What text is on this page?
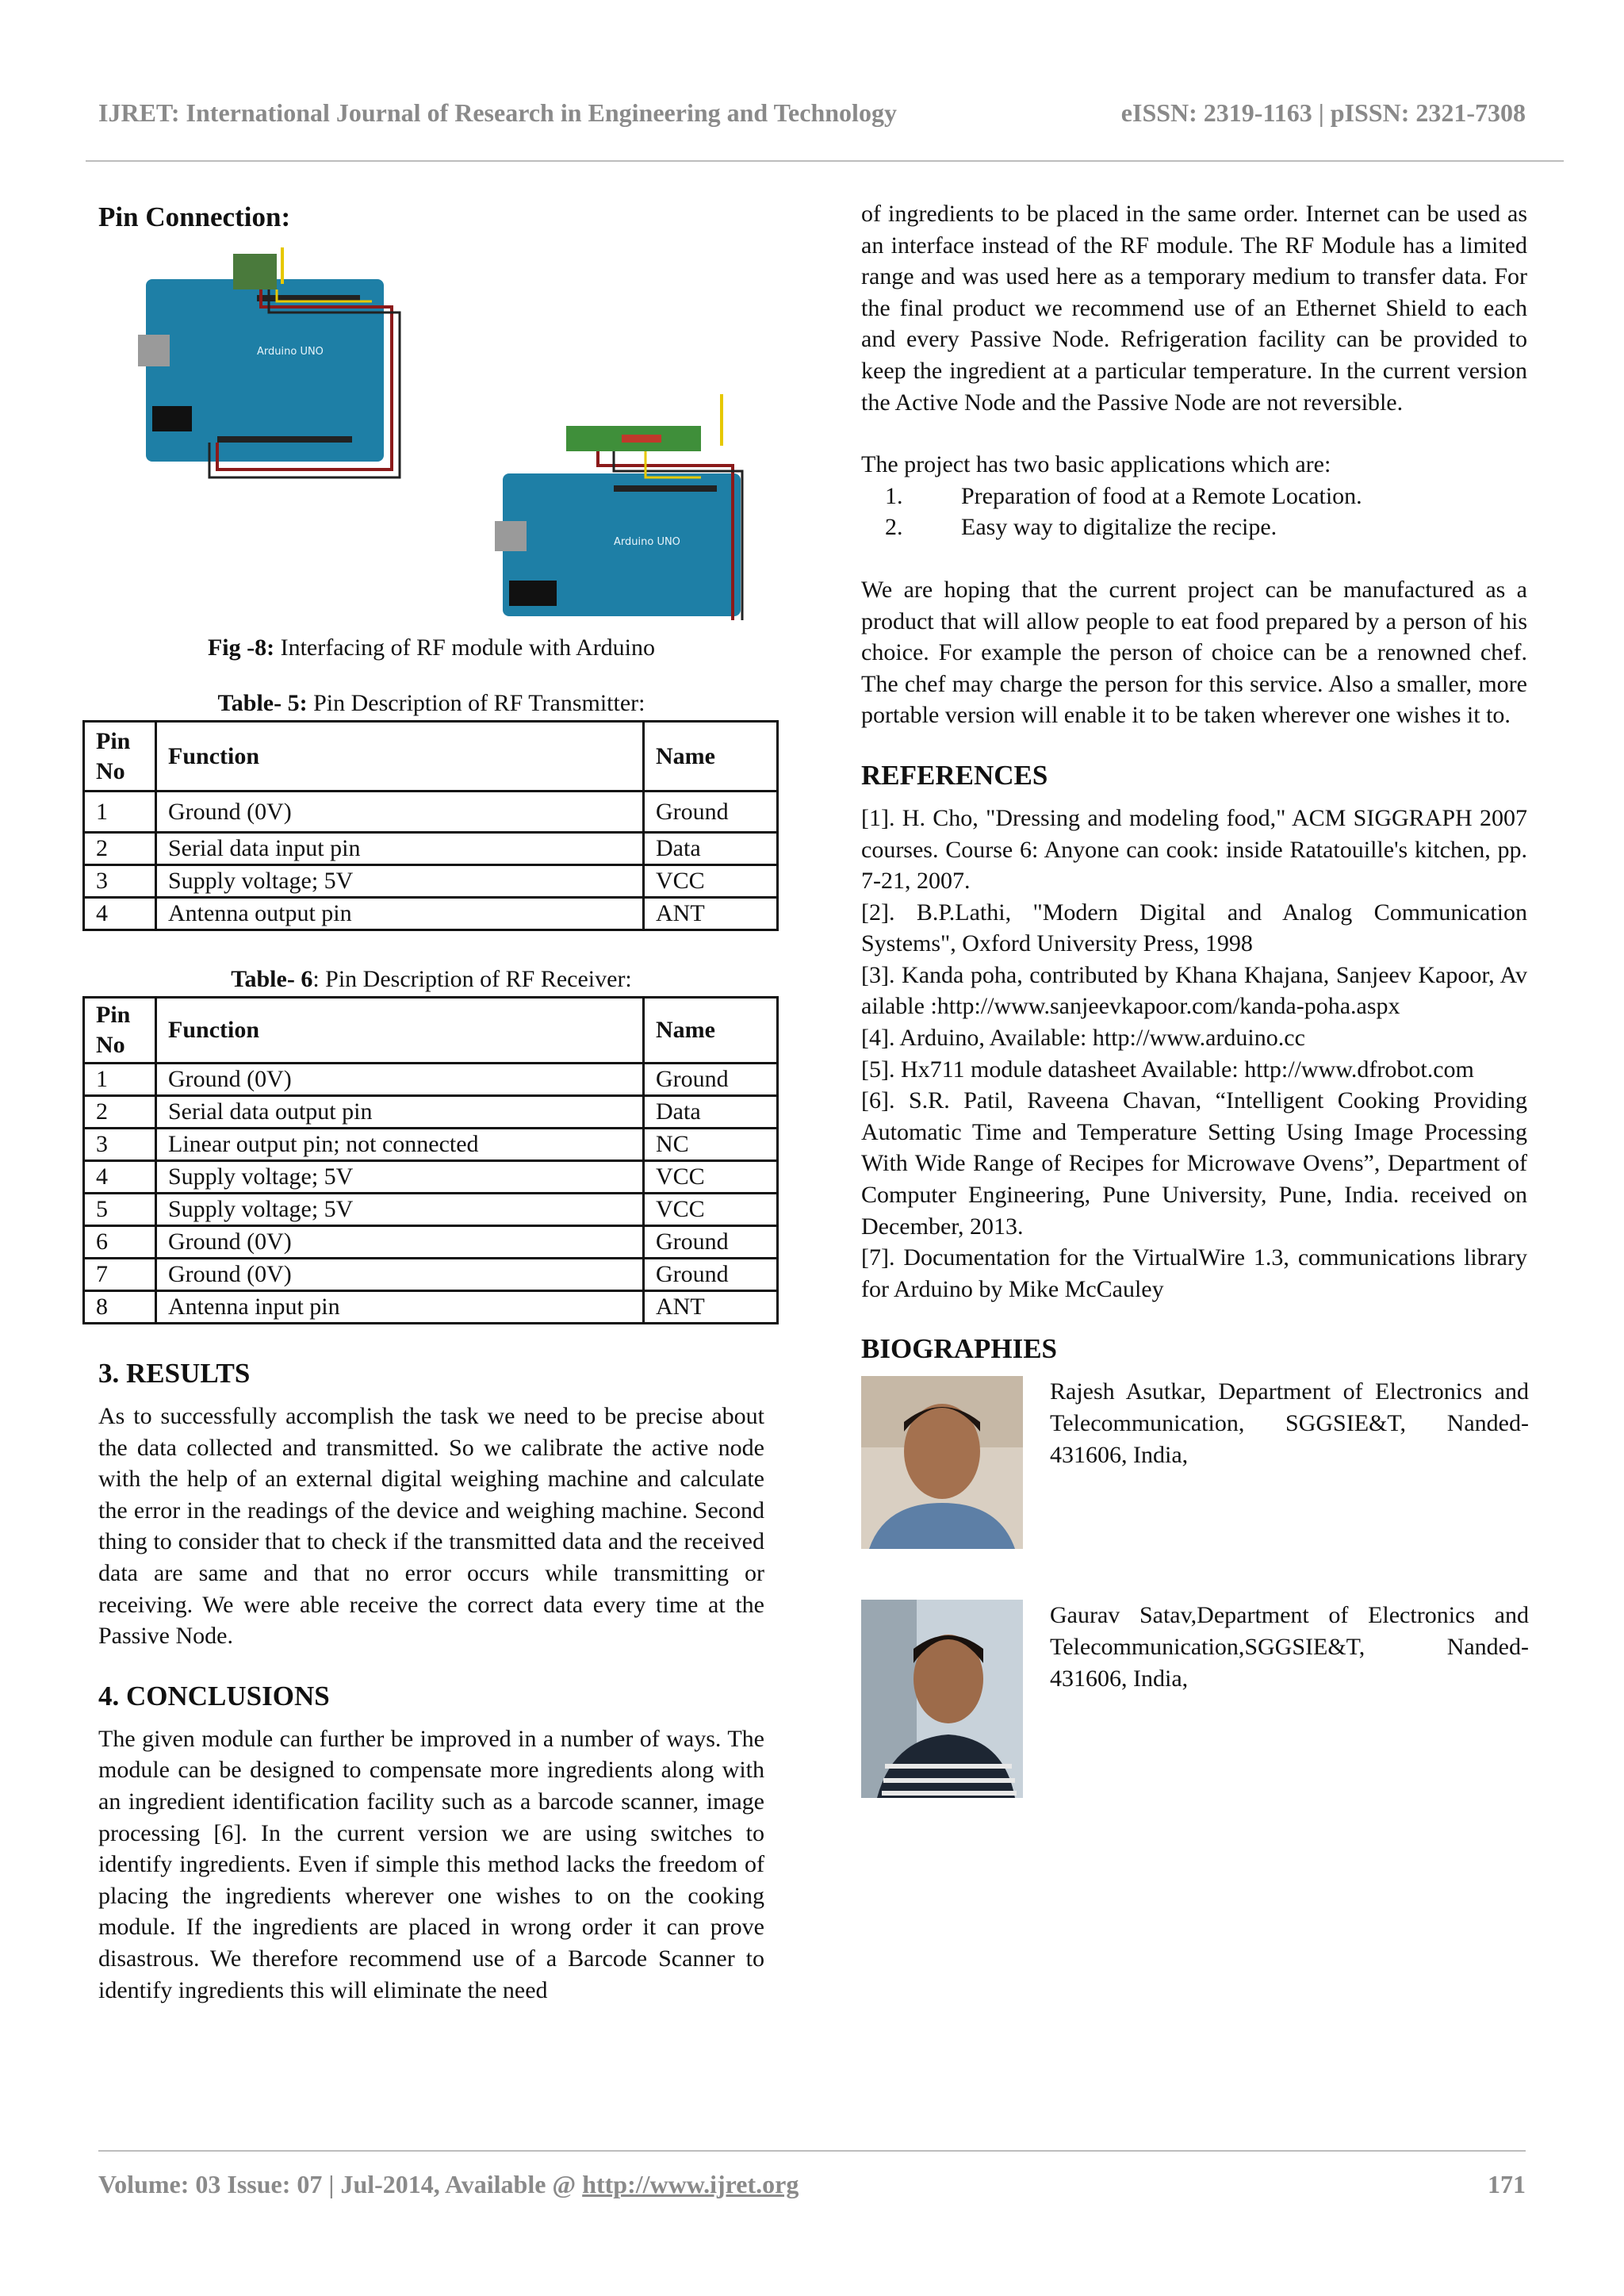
IJRET: International Journal of Research in Engineering and Technology	eISSN: 2319-1163 | pISSN: 2321-7308

Pin Connection:

Arduino UNO
Arduino UNO

Fig -8: Interfacing of RF module with Arduino

Table- 5: Pin Description of RF Transmitter:

Pin No	Function	Name
1	Ground (0V)	Ground
2	Serial data input pin	Data
3	Supply voltage; 5V	VCC
4	Antenna output pin	ANT

Table- 6: Pin Description of RF Receiver:

Pin No	Function	Name
1	Ground (0V)	Ground
2	Serial data output pin	Data
3	Linear output pin; not connected	NC
4	Supply voltage; 5V	VCC
5	Supply voltage; 5V	VCC
6	Ground (0V)	Ground
7	Ground (0V)	Ground
8	Antenna input pin	ANT

3. RESULTS

As to successfully accomplish the task we need to be precise about the data collected and transmitted. So we calibrate the active node with the help of an external digital weighing machine and calculate the error in the readings of the device and weighing machine. Second thing to consider that to check if the transmitted data and the received data are same and that no error occurs while transmitting or receiving. We were able receive the correct data every time at the Passive Node.

4. CONCLUSIONS

The given module can further be improved in a number of ways. The module can be designed to compensate more ingredients along with an ingredient identification facility such as a barcode scanner, image processing [6]. In the current version we are using switches to identify ingredients. Even if simple this method lacks the freedom of placing the ingredients wherever one wishes to on the cooking module. If the ingredients are placed in wrong order it can prove disastrous. We therefore recommend use of a Barcode Scanner to identify ingredients this will eliminate the need

of ingredients to be placed in the same order. Internet can be used as an interface instead of the RF module. The RF Module has a limited range and was used here as a temporary medium to transfer data. For the final product we recommend use of an Ethernet Shield to each and every Passive Node. Refrigeration facility can be provided to keep the ingredient at a particular temperature. In the current version the Active Node and the Passive Node are not reversible.

The project has two basic applications which are:

1. Preparation of food at a Remote Location.
2. Easy way to digitalize the recipe.

We are hoping that the current project can be manufactured as a product that will allow people to eat food prepared by a person of his choice. For example the person of choice can be a renowned chef. The chef may charge the person for this service. Also a smaller, more portable version will enable it to be taken wherever one wishes it to.

REFERENCES

[1]. H. Cho, "Dressing and modeling food," ACM SIGGRAPH 2007 courses. Course 6: Anyone can cook: inside Ratatouille's kitchen, pp. 7-21, 2007.

[2]. B.P.Lathi, "Modern Digital and Analog Communication Systems", Oxford University Press, 1998

[3]. Kanda poha, contributed by Khana Khajana, Sanjeev Kapoor, Available :http://www.sanjeevkapoor.com/kanda-poha.aspx

[4]. Arduino, Available: http://www.arduino.cc

[5]. Hx711 module datasheet Available: http://www.dfrobot.com

[6]. S.R. Patil, Raveena Chavan, “Intelligent Cooking Providing Automatic Time and Temperature Setting Using Image Processing With Wide Range of Recipes for Microwave Ovens”, Department of Computer Engineering, Pune University, Pune, India. received on December, 2013.

[7]. Documentation for the VirtualWire 1.3, communications library for Arduino by Mike McCauley

BIOGRAPHIES

Rajesh Asutkar, Department of Electronics and Telecommunication, SGGSIE&T, Nanded- 431606, India,

Gaurav Satav,Department of Electronics and Telecommunication,SGGSIE&T, Nanded- 431606, India,

Volume: 03 Issue: 07 | Jul-2014, Available @ http://www.ijret.org	171
